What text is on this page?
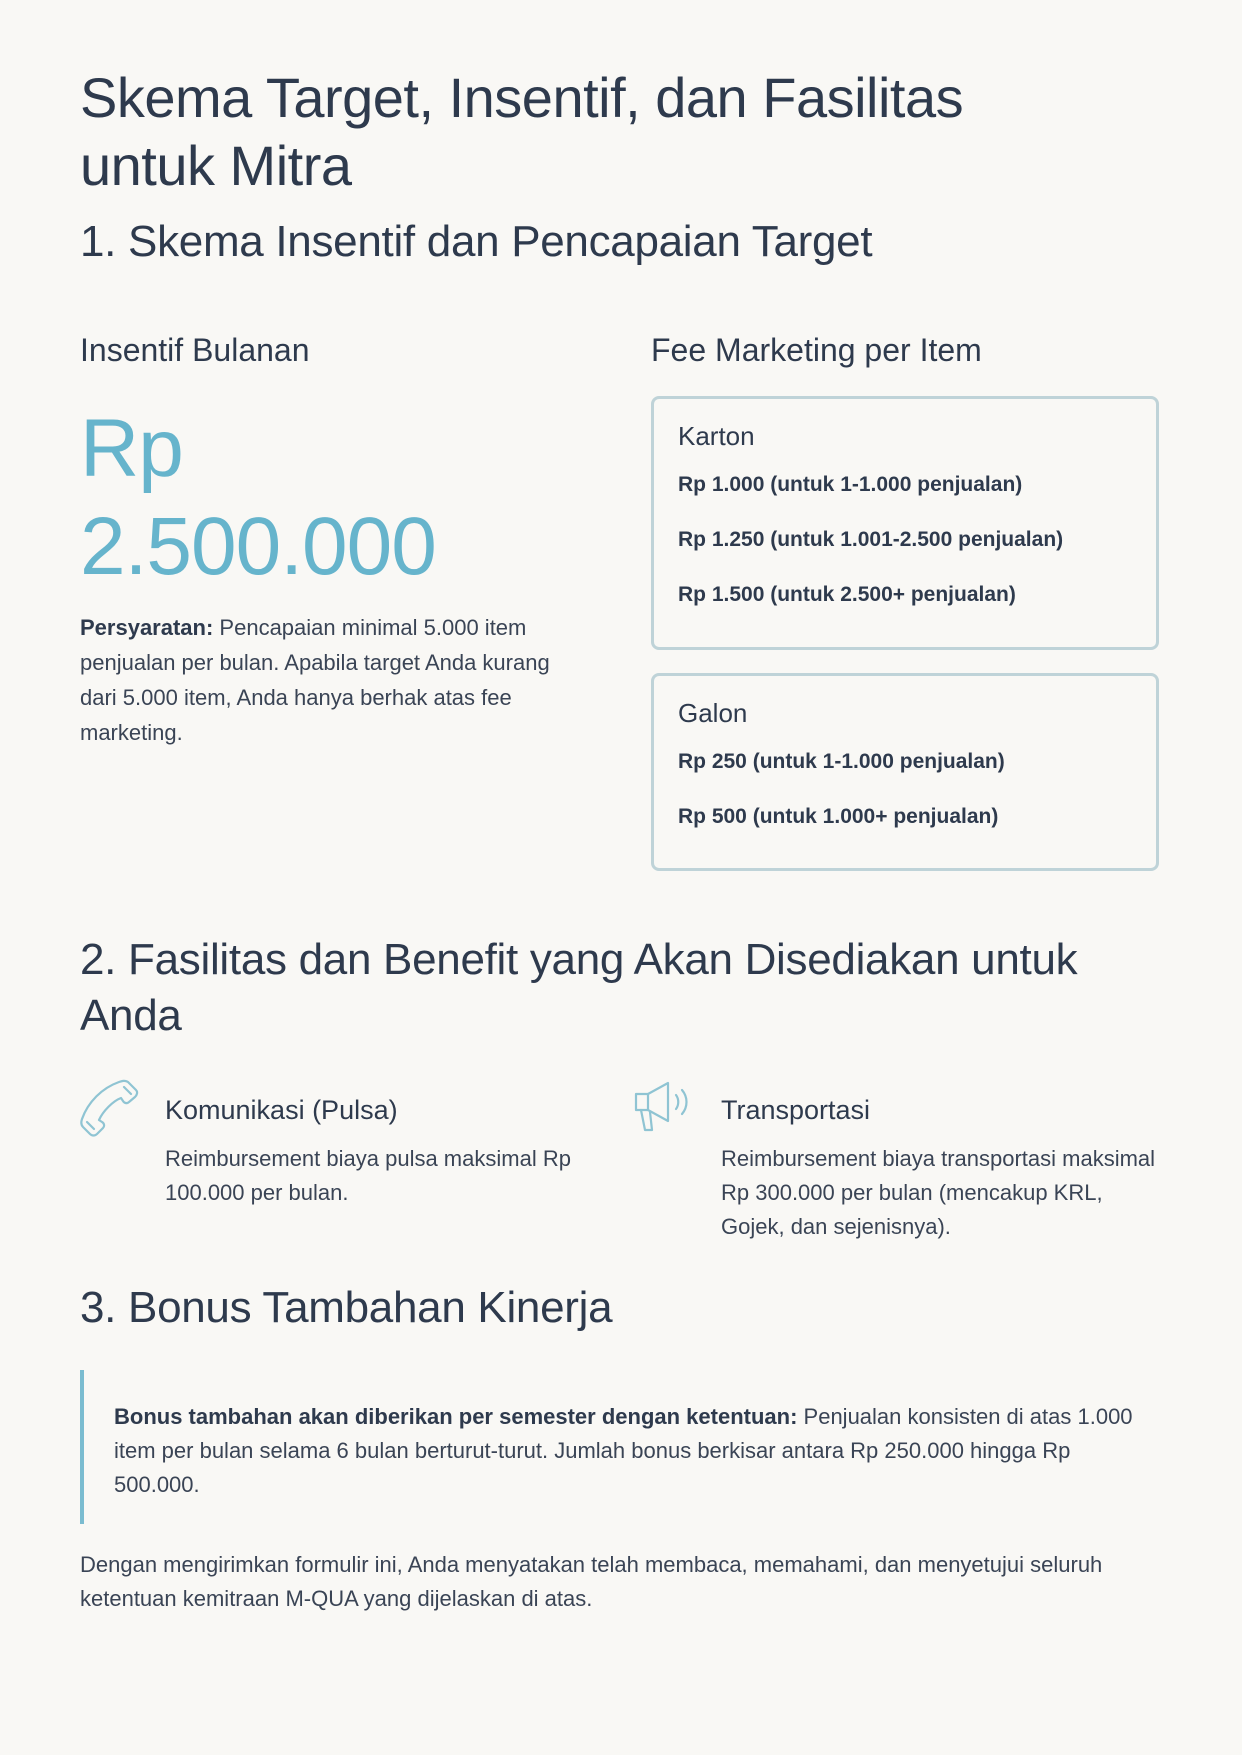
Skema Target, Insentif, dan Fasilitas untuk Mitra
1. Skema Insentif dan Pencapaian Target
Insentif Bulanan
Rp
2.500.000
Persyaratan: Pencapaian minimal 5.000 item penjualan per bulan. Apabila target Anda kurang dari 5.000 item, Anda hanya berhak atas fee marketing.
Fee Marketing per Item
Karton
Rp 1.000 (untuk 1-1.000 penjualan)
Rp 1.250 (untuk 1.001-2.500 penjualan)
Rp 1.500 (untuk 2.500+ penjualan)
Galon
Rp 250 (untuk 1-1.000 penjualan)
Rp 500 (untuk 1.000+ penjualan)
2. Fasilitas dan Benefit yang Akan Disediakan untuk Anda
Komunikasi (Pulsa)
Reimbursement biaya pulsa maksimal Rp 100.000 per bulan.
Transportasi
Reimbursement biaya transportasi maksimal Rp 300.000 per bulan (mencakup KRL, Gojek, dan sejenisnya).
3. Bonus Tambahan Kinerja
Bonus tambahan akan diberikan per semester dengan ketentuan: Penjualan konsisten di atas 1.000 item per bulan selama 6 bulan berturut-turut. Jumlah bonus berkisar antara Rp 250.000 hingga Rp 500.000.
Dengan mengirimkan formulir ini, Anda menyatakan telah membaca, memahami, dan menyetujui seluruh ketentuan kemitraan M-QUA yang dijelaskan di atas.
